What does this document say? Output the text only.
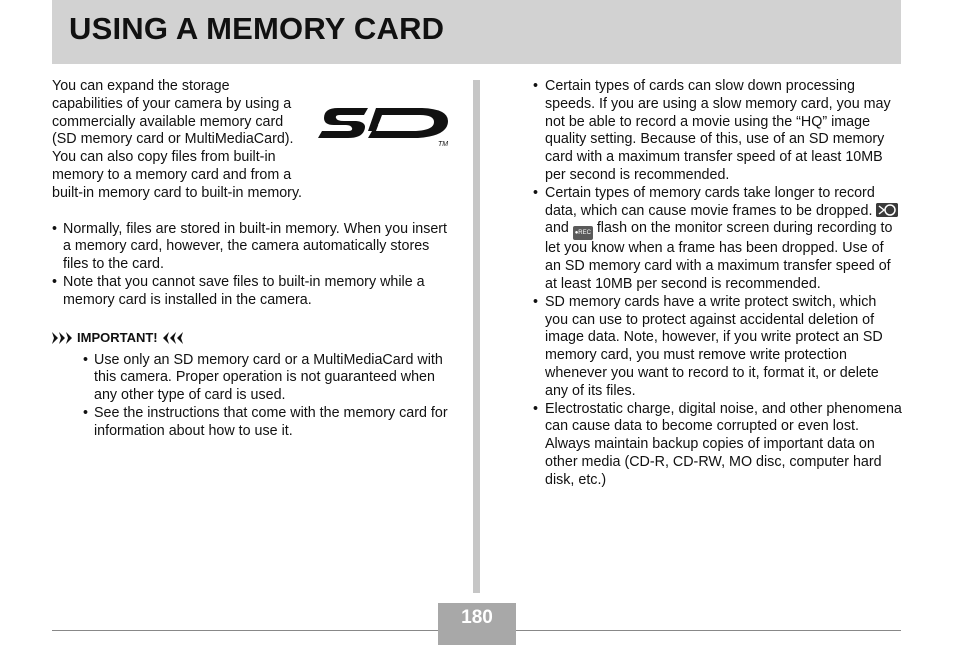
USING A MEMORY CARD

You can expand the storage capabilities of your camera by using a commercially available memory card (SD memory card or MultiMediaCard). You can also copy files from built-in memory to a memory card and from a built-in memory card to built-in memory.

TM
• Normally, files are stored in built-in memory. When you insert a memory card, however, the camera automatically stores files to the card.
• Note that you cannot save files to built-in memory while a memory card is installed in the camera.
IMPORTANT!
• Use only an SD memory card or a MultiMediaCard with this camera. Proper operation is not guaranteed when any other type of card is used.
• See the instructions that come with the memory card for information about how to use it.
• Certain types of cards can slow down processing speeds. If you are using a slow memory card, you may not be able to record a movie using the “HQ” image quality setting. Because of this, use of an SD memory card with a maximum transfer speed of at least 10MB per second is recommended.
• Certain types of memory cards take longer to record data, which can cause movie frames to be dropped.
and ●REC flash on the monitor screen during recording to let you know when a frame has been dropped. Use of an SD memory card with a maximum transfer speed of at least 10MB per second is recommended.
• SD memory cards have a write protect switch, which you can use to protect against accidental deletion of image data. Note, however, if you write protect an SD memory card, you must remove write protection whenever you want to record to it, format it, or delete any of its files.
• Electrostatic charge, digital noise, and other phenomena can cause data to become corrupted or even lost. Always maintain backup copies of important data on other media (CD-R, CD-RW, MO disc, computer hard disk, etc.)
180
